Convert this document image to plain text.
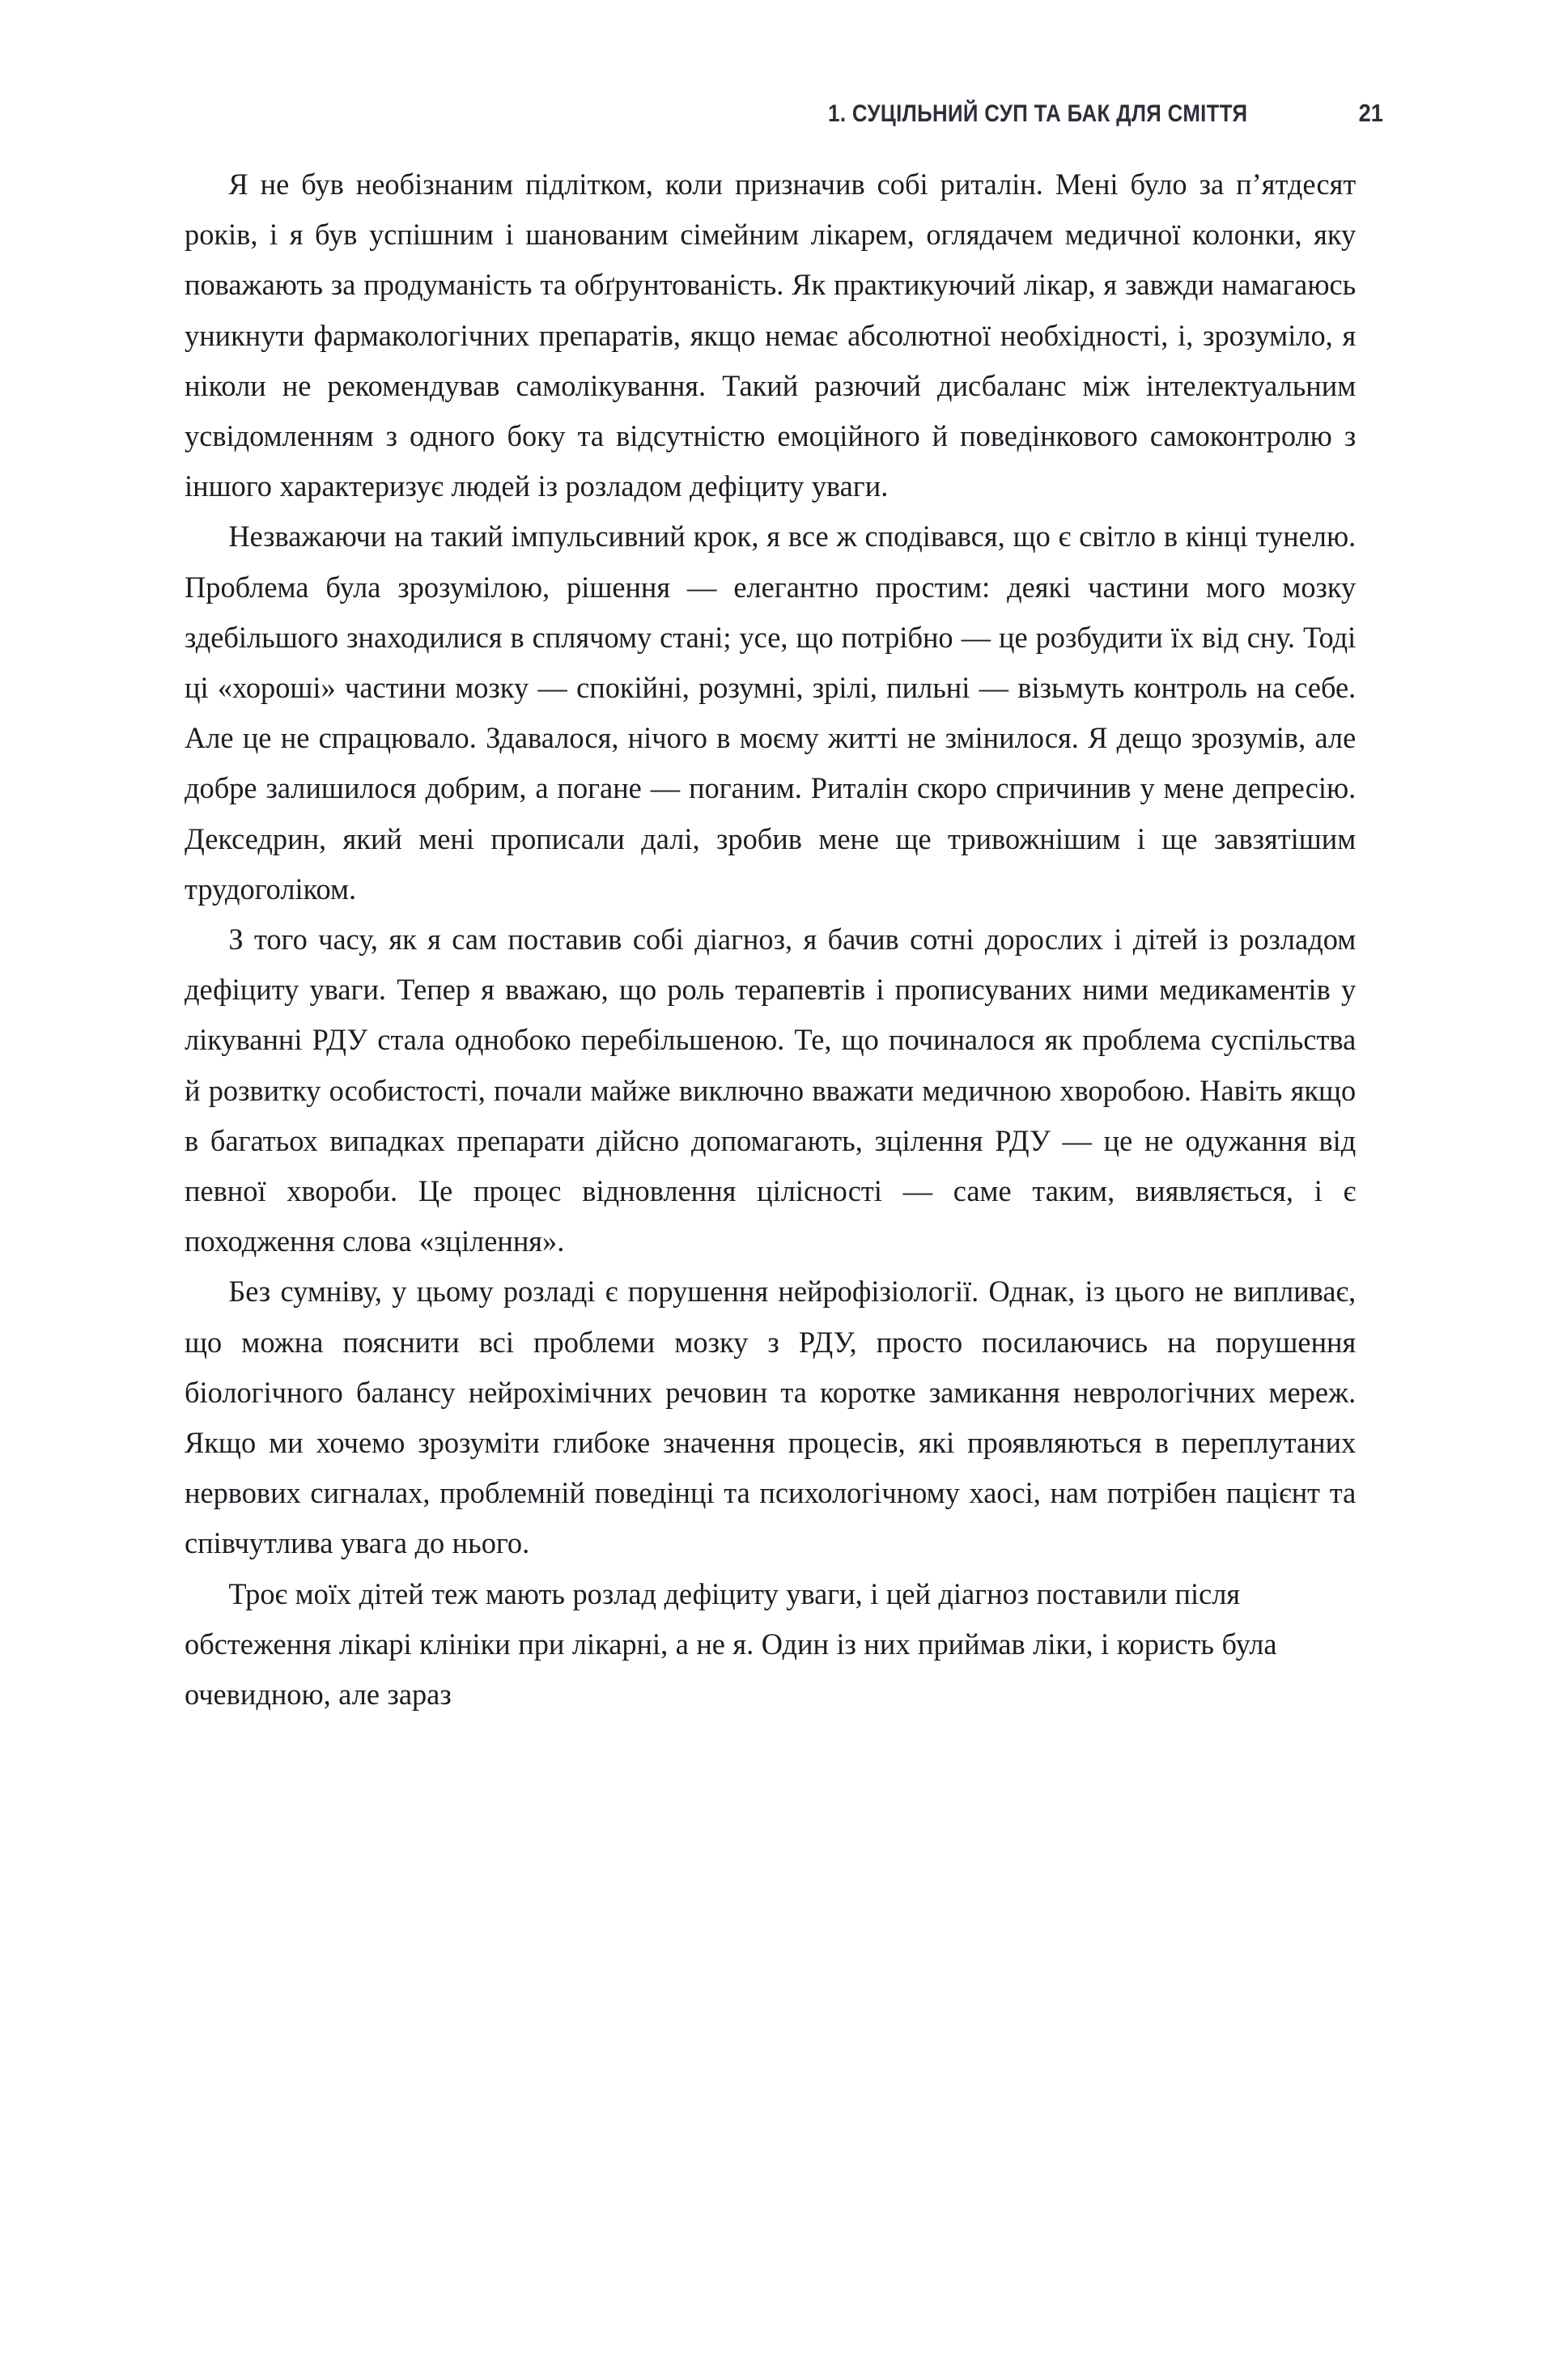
1. СУЦІЛЬНИЙ СУП ТА БАК ДЛЯ СМІТТЯ	21

Я не був необізнаним підлітком, коли призначив собі риталін. Мені було за п’ятдесят років, і я був успішним і шанованим сімейним лікарем, оглядачем медичної колонки, яку поважають за продуманість та обґрунтованість. Як практикуючий лікар, я завжди намагаюсь уникнути фармакологічних препаратів, якщо немає абсолютної необхідності, і, зрозуміло, я ніколи не рекомендував самолікування. Такий разючий дисбаланс між інтелектуальним усвідомленням з одного боку та відсутністю емоційного й поведінкового самоконтролю з іншого характеризує людей із розладом дефіциту уваги.

Незважаючи на такий імпульсивний крок, я все ж сподівався, що є світло в кінці тунелю. Проблема була зрозумілою, рішення — елегантно простим: деякі частини мого мозку здебільшого знаходилися в сплячому стані; усе, що потрібно — це розбудити їх від сну. Тоді ці «хороші» частини мозку — спокійні, розумні, зрілі, пильні — візьмуть контроль на себе. Але це не спрацювало. Здавалося, нічого в моєму житті не змінилося. Я дещо зрозумів, але добре залишилося добрим, а погане — поганим. Риталін скоро спричинив у мене депресію. Декседрин, який мені прописали далі, зробив мене ще тривожнішим і ще завзятішим трудоголіком.

З того часу, як я сам поставив собі діагноз, я бачив сотні дорослих і дітей із розладом дефіциту уваги. Тепер я вважаю, що роль терапевтів і прописуваних ними медикаментів у лікуванні РДУ стала однобоко перебільшеною. Те, що починалося як проблема суспільства й розвитку особистості, почали майже виключно вважати медичною хворобою. Навіть якщо в багатьох випадках препарати дійсно допомагають, зцілення РДУ — це не одужання від певної хвороби. Це процес відновлення цілісності — саме таким, виявляється, і є походження слова «зцілення».

Без сумніву, у цьому розладі є порушення нейрофізіології. Однак, із цього не випливає, що можна пояснити всі проблеми мозку з РДУ, просто посилаючись на порушення біологічного балансу нейрохімічних речовин та коротке замикання неврологічних мереж. Якщо ми хочемо зрозуміти глибоке значення процесів, які проявляються в переплутаних нервових сигналах, проблемній поведінці та психологічному хаосі, нам потрібен пацієнт та співчутлива увага до нього.

Троє моїх дітей теж мають розлад дефіциту уваги, і цей діагноз поставили після обстеження лікарі клініки при лікарні, а не я. Один із них приймав ліки, і користь була очевидною, але зараз
